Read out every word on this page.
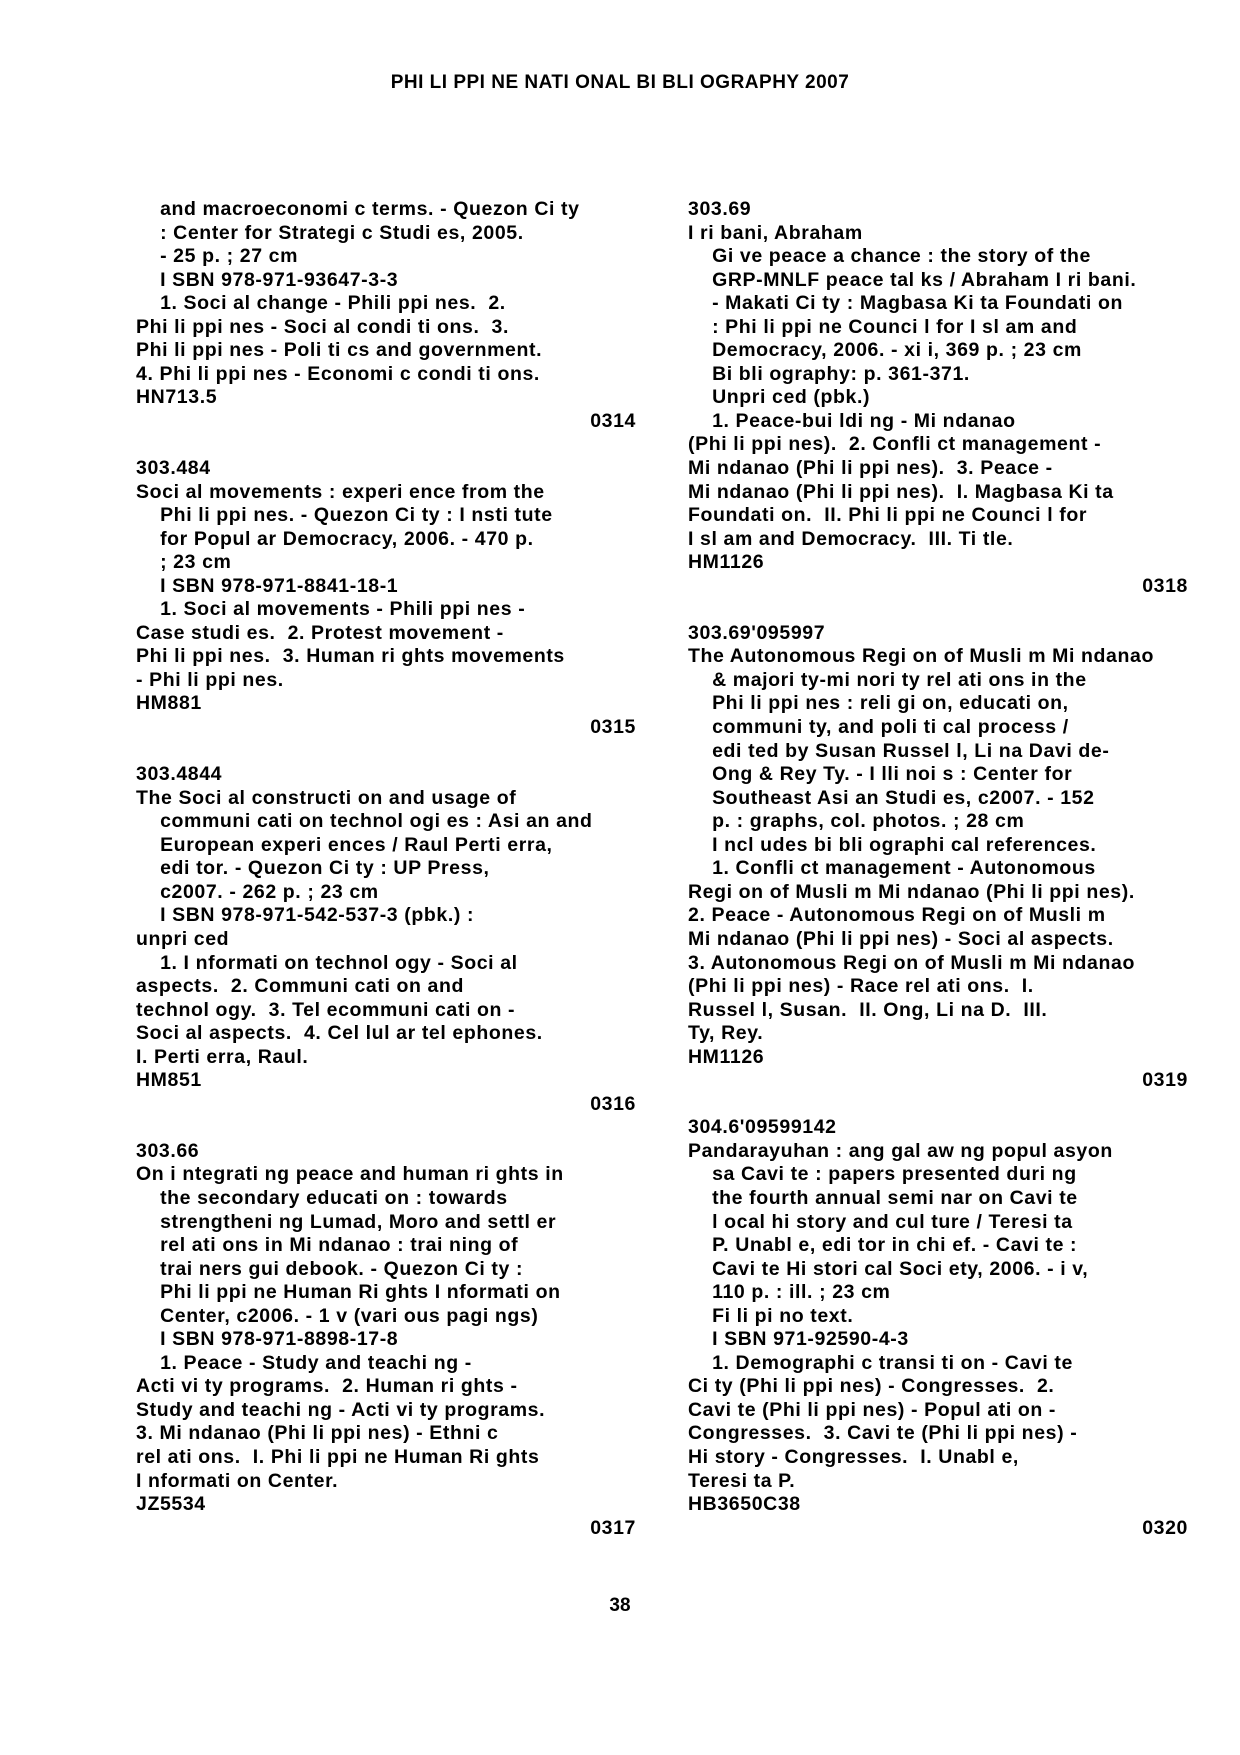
PHI LI PPI NE NATI ONAL BI BLI OGRAPHY 2007
and macroeconomi c terms. - Quezon Ci ty
: Center for Strategi c Studi es, 2005.
- 25 p. ; 27 cm
I SBN 978-971-93647-3-3
1. Soci al change - Phili ppi nes.  2.
Phi li ppi nes - Soci al condi ti ons.  3.
Phi li ppi nes - Poli ti cs and government.
4. Phi li ppi nes - Economi c condi ti ons.
HN713.5
0314
303.484
Soci al movements : experi ence from the
Phi li ppi nes. - Quezon Ci ty : I nsti tute
for Popul ar Democracy, 2006. - 470 p.
; 23 cm
I SBN 978-971-8841-18-1
1. Soci al movements - Phili ppi nes -
Case studi es.  2. Protest movement -
Phi li ppi nes.  3. Human ri ghts movements
- Phi li ppi nes.
HM881
0315
303.4844
The Soci al constructi on and usage of
communi cati on technol ogi es : Asi an and
European experi ences / Raul Perti erra,
edi tor. - Quezon Ci ty : UP Press,
c2007. - 262 p. ; 23 cm
I SBN 978-971-542-537-3 (pbk.) :
unpri ced
1. I nformati on technol ogy - Soci al
aspects.  2. Communi cati on and
technol ogy.  3. Tel ecommuni cati on -
Soci al aspects.  4. Cel lul ar tel ephones.
I. Perti erra, Raul.
HM851
0316
303.66
On i ntegrati ng peace and human ri ghts in
the secondary educati on : towards
strengtheni ng Lumad, Moro and settl er
rel ati ons in Mi ndanao : trai ning of
trai ners gui debook. - Quezon Ci ty :
Phi li ppi ne Human Ri ghts I nformati on
Center, c2006. - 1 v (vari ous pagi ngs)
I SBN 978-971-8898-17-8
1. Peace - Study and teachi ng -
Acti vi ty programs.  2. Human ri ghts -
Study and teachi ng - Acti vi ty programs.
3. Mi ndanao (Phi li ppi nes) - Ethni c
rel ati ons.  I. Phi li ppi ne Human Ri ghts
I nformati on Center.
JZ5534
0317
303.69
I ri bani, Abraham
Gi ve peace a chance : the story of the
GRP-MNLF peace tal ks / Abraham I ri bani.
- Makati Ci ty : Magbasa Ki ta Foundati on
: Phi li ppi ne Counci l for I sl am and
Democracy, 2006. - xi i, 369 p. ; 23 cm
Bi bli ography: p. 361-371.
Unpri ced (pbk.)
1. Peace-bui ldi ng - Mi ndanao
(Phi li ppi nes).  2. Confli ct management -
Mi ndanao (Phi li ppi nes).  3. Peace -
Mi ndanao (Phi li ppi nes).  I. Magbasa Ki ta
Foundati on.  II. Phi li ppi ne Counci l for
I sl am and Democracy.  III. Ti tle.
HM1126
0318
303.69'095997
The Autonomous Regi on of Musli m Mi ndanao
& majori ty-mi nori ty rel ati ons in the
Phi li ppi nes : reli gi on, educati on,
communi ty, and poli ti cal process /
edi ted by Susan Russel l, Li na Davi de-
Ong & Rey Ty. - I lli noi s : Center for
Southeast Asi an Studi es, c2007. - 152
p. : graphs, col. photos. ; 28 cm
I ncl udes bi bli ographi cal references.
1. Confli ct management - Autonomous
Regi on of Musli m Mi ndanao (Phi li ppi nes).
2. Peace - Autonomous Regi on of Musli m
Mi ndanao (Phi li ppi nes) - Soci al aspects.
3. Autonomous Regi on of Musli m Mi ndanao
(Phi li ppi nes) - Race rel ati ons.  I.
Russel l, Susan.  II. Ong, Li na D.  III.
Ty, Rey.
HM1126
0319
304.6'09599142
Pandarayuhan : ang gal aw ng popul asyon
sa Cavi te : papers presented duri ng
the fourth annual semi nar on Cavi te
l ocal hi story and cul ture / Teresi ta
P. Unabl e, edi tor in chi ef. - Cavi te :
Cavi te Hi stori cal Soci ety, 2006. - i v,
110 p. : ill. ; 23 cm
Fi li pi no text.
I SBN 971-92590-4-3
1. Demographi c transi ti on - Cavi te
Ci ty (Phi li ppi nes) - Congresses.  2.
Cavi te (Phi li ppi nes) - Popul ati on -
Congresses.  3. Cavi te (Phi li ppi nes) -
Hi story - Congresses.  I. Unabl e,
Teresi ta P.
HB3650C38
0320
38
